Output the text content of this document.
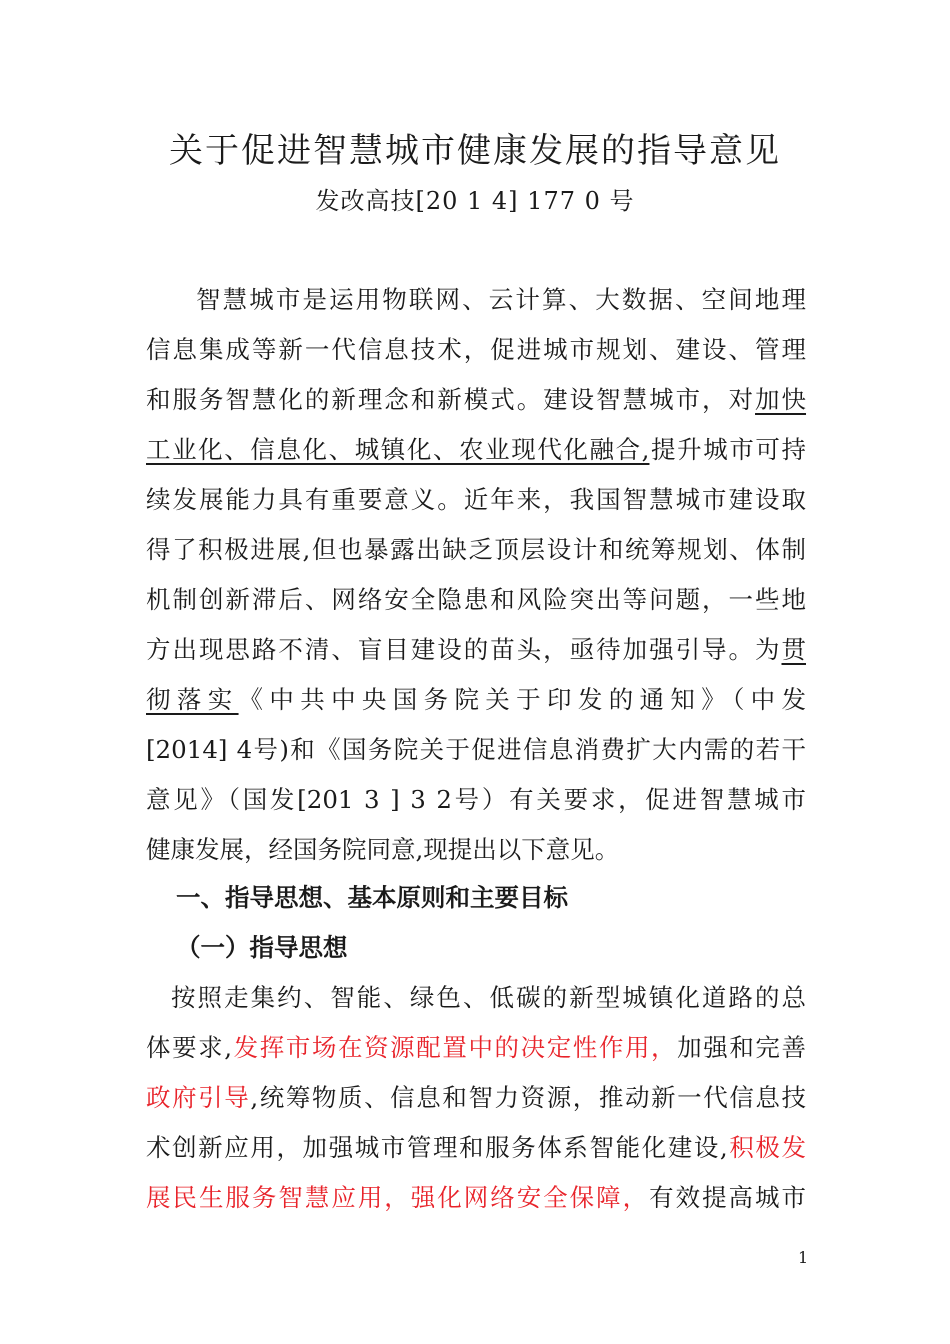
关于促进智慧城市健康发展的指导意见
发改高技[20 1 4] 177 0 号
智慧城市是运用物联网、云计算、大数据、空间地理
信息集成等新一代信息技术，促进城市规划、建设、管理
和服务智慧化的新理念和新模式。建设智慧城市，对加快
工业化、信息化、城镇化、农业现代化融合,提升城市可持
续发展能力具有重要意义。近年来，我国智慧城市建设取
得了积极进展,但也暴露出缺乏顶层设计和统筹规划、体制
机制创新滞后、网络安全隐患和风险突出等问题，一些地
方出现思路不清、盲目建设的苗头，亟待加强引导。为贯
彻落实《中共中央国务院关于印发的通知》（中发
[2014] 4号)和《国务院关于促进信息消费扩大内需的若干
意见》（国发[201 3 ] 3 2号）有关要求，促进智慧城市
健康发展，经国务院同意,现提出以下意见。
一、指导思想、基本原则和主要目标
（一）指导思想
按照走集约、智能、绿色、低碳的新型城镇化道路的总
体要求,发挥市场在资源配置中的决定性作用，加强和完善
政府引导,统筹物质、信息和智力资源，推动新一代信息技
术创新应用，加强城市管理和服务体系智能化建设,积极发
展民生服务智慧应用，强化网络安全保障，有效提高城市
1
